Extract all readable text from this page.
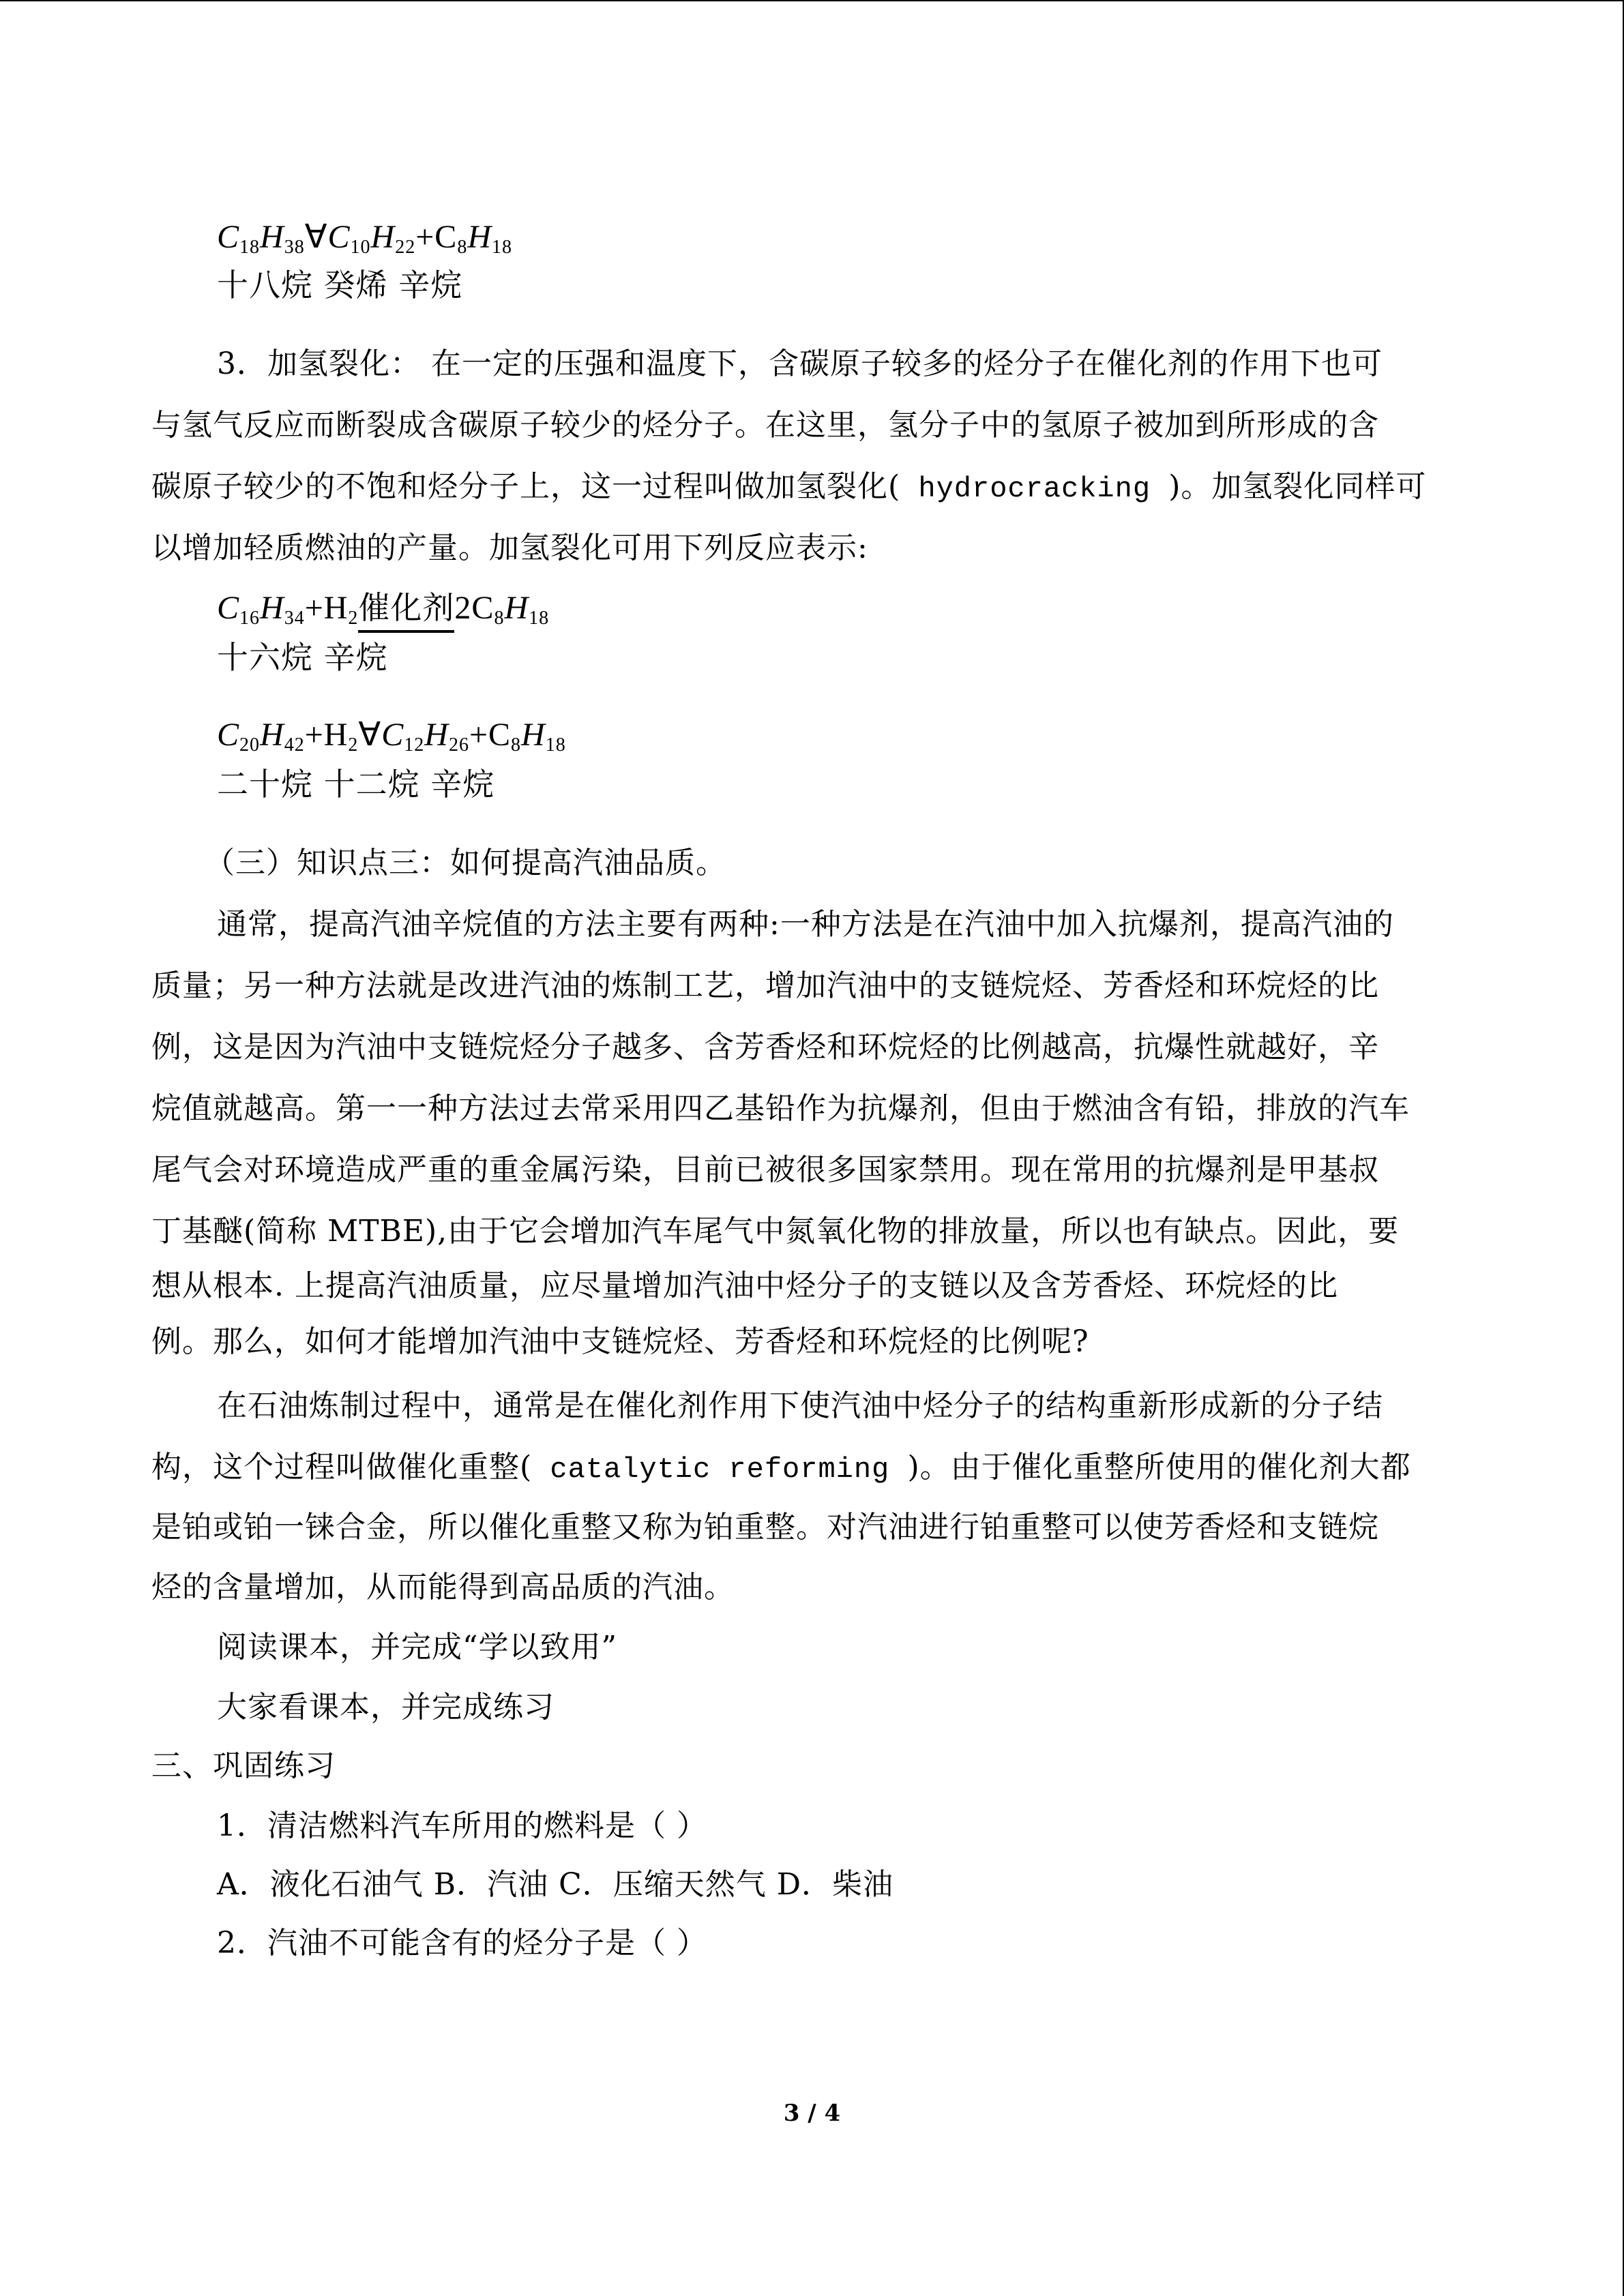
$C_{18}H_{38}\forall C_{10}H_{22}+C_8H_{18}$
十八烷 癸烯 辛烷
3．加氢裂化： 在一定的压强和温度下，含碳原子较多的烃分子在催化剂的作用下也可
与氢气反应而断裂成含碳原子较少的烃分子。在这里，氢分子中的氢原子被加到所形成的含
碳原子较少的不饱和烃分子上，这一过程叫做加氢裂化( hydrocracking )。加氢裂化同样可
以增加轻质燃油的产量。加氢裂化可用下列反应表示:
$C_{16}H_{34}+H_2$催化剂
$2C_8H_{18}$
十六烷 辛烷
$C_{20}H_{42}+H_2\forall C_{12}H_{26}+C_8H_{18}$
二十烷 十二烷 辛烷
（三）知识点三：如何提高汽油品质。
通常，提高汽油辛烷值的方法主要有两种:一种方法是在汽油中加入抗爆剂，提高汽油的
质量；另一种方法就是改进汽油的炼制工艺，增加汽油中的支链烷烃、芳香烃和环烷烃的比
例，这是因为汽油中支链烷烃分子越多、含芳香烃和环烷烃的比例越高，抗爆性就越好，辛
烷值就越高。第一一种方法过去常采用四乙基铅作为抗爆剂，但由于燃油含有铅，排放的汽车
尾气会对环境造成严重的重金属污染，目前已被很多国家禁用。现在常用的抗爆剂是甲基叔
丁基醚(简称 MTBE),由于它会增加汽车尾气中氮氧化物的排放量，所以也有缺点。因此，要
想从根本. 上提高汽油质量，应尽量增加汽油中烃分子的支链以及含芳香烃、环烷烃的比
例。那么，如何才能增加汽油中支链烷烃、芳香烃和环烷烃的比例呢?
在石油炼制过程中，通常是在催化剂作用下使汽油中烃分子的结构重新形成新的分子结
构，这个过程叫做催化重整( catalytic reforming )。由于催化重整所使用的催化剂大都
是铂或铂一铼合金，所以催化重整又称为铂重整。对汽油进行铂重整可以使芳香烃和支链烷
烃的含量增加，从而能得到高品质的汽油。
阅读课本，并完成“学以致用”
大家看课本，并完成练习
三、巩固练习
1．清洁燃料汽车所用的燃料是（ ）
A．液化石油气 B．汽油 C．压缩天然气 D．柴油
2．汽油不可能含有的烃分子是（ ）
3 / 4
